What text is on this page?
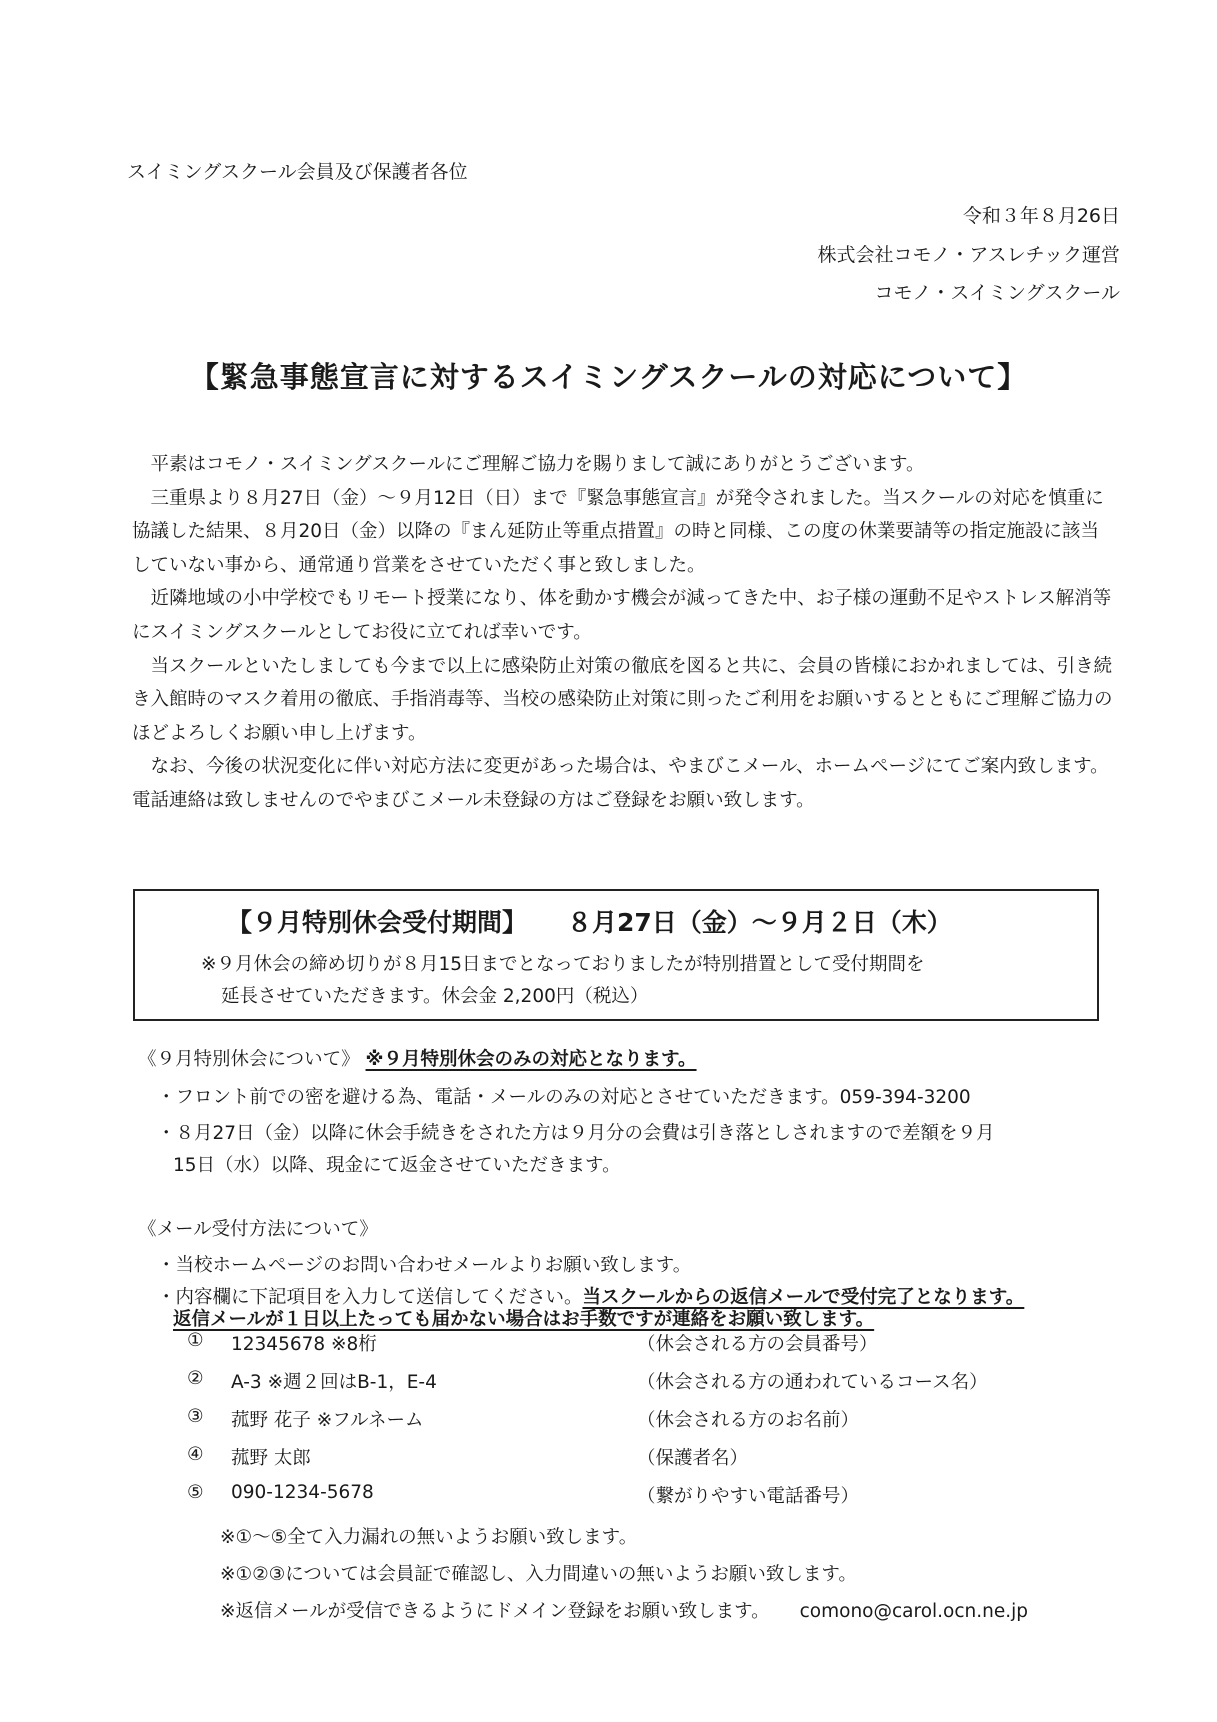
スイミングスクール会員及び保護者各位
令和３年８月26日
株式会社コモノ・アスレチック運営
コモノ・スイミングスクール
【緊急事態宣言に対するスイミングスクールの対応について】

平素はコモノ・スイミングスクールにご理解ご協力を賜りまして誠にありがとうございます。

三重県より８月27日（金）～９月12日（日）まで『緊急事態宣言』が発令されました。当スクールの対応を慎重に協議した結果、８月20日（金）以降の『まん延防止等重点措置』の時と同様、この度の休業要請等の指定施設に該当していない事から、通常通り営業をさせていただく事と致しました。

近隣地域の小中学校でもリモート授業になり、体を動かす機会が減ってきた中、お子様の運動不足やストレス解消等にスイミングスクールとしてお役に立てれば幸いです。

当スクールといたしましても今まで以上に感染防止対策の徹底を図ると共に、会員の皆様におかれましては、引き続き入館時のマスク着用の徹底、手指消毒等、当校の感染防止対策に則ったご利用をお願いするとともにご理解ご協力のほどよろしくお願い申し上げます。

なお、今後の状況変化に伴い対応方法に変更があった場合は、やまびこメール、ホームページにてご案内致します。電話連絡は致しませんのでやまびこメール未登録の方はご登録をお願い致します。

【９月特別休会受付期間】 ８月27日（金）～９月２日（木）
※９月休会の締め切りが８月15日までとなっておりましたが特別措置として受付期間を
延長させていただきます。休会金 2,200円（税込）
《９月特別休会について》 ※９月特別休会のみの対応となります。
・フロント前での密を避ける為、電話・メールのみの対応とさせていただきます。059-394-3200
・８月27日（金）以降に休会手続きをされた方は９月分の会費は引き落としされますので差額を９月
15日（水）以降、現金にて返金させていただきます。
《メール受付方法について》
・当校ホームページのお問い合わせメールよりお願い致します。
・内容欄に下記項目を入力して送信してください。当スクールからの返信メールで受付完了となります。
返信メールが１日以上たっても届かない場合はお手数ですが連絡をお願い致します。
① 12345678 ※8桁	（休会される方の会員番号）
② A-3 ※週２回はB-1，E-4	（休会される方の通われているコース名）
③ 菰野 花子 ※フルネーム	（休会される方のお名前）
④ 菰野 太郎	（保護者名）
⑤ 090-1234-5678	（繋がりやすい電話番号）
※①～⑤全て入力漏れの無いようお願い致します。
※①②③については会員証で確認し、入力間違いの無いようお願い致します。
※返信メールが受信できるようにドメイン登録をお願い致します。 comono@carol.ocn.ne.jp
